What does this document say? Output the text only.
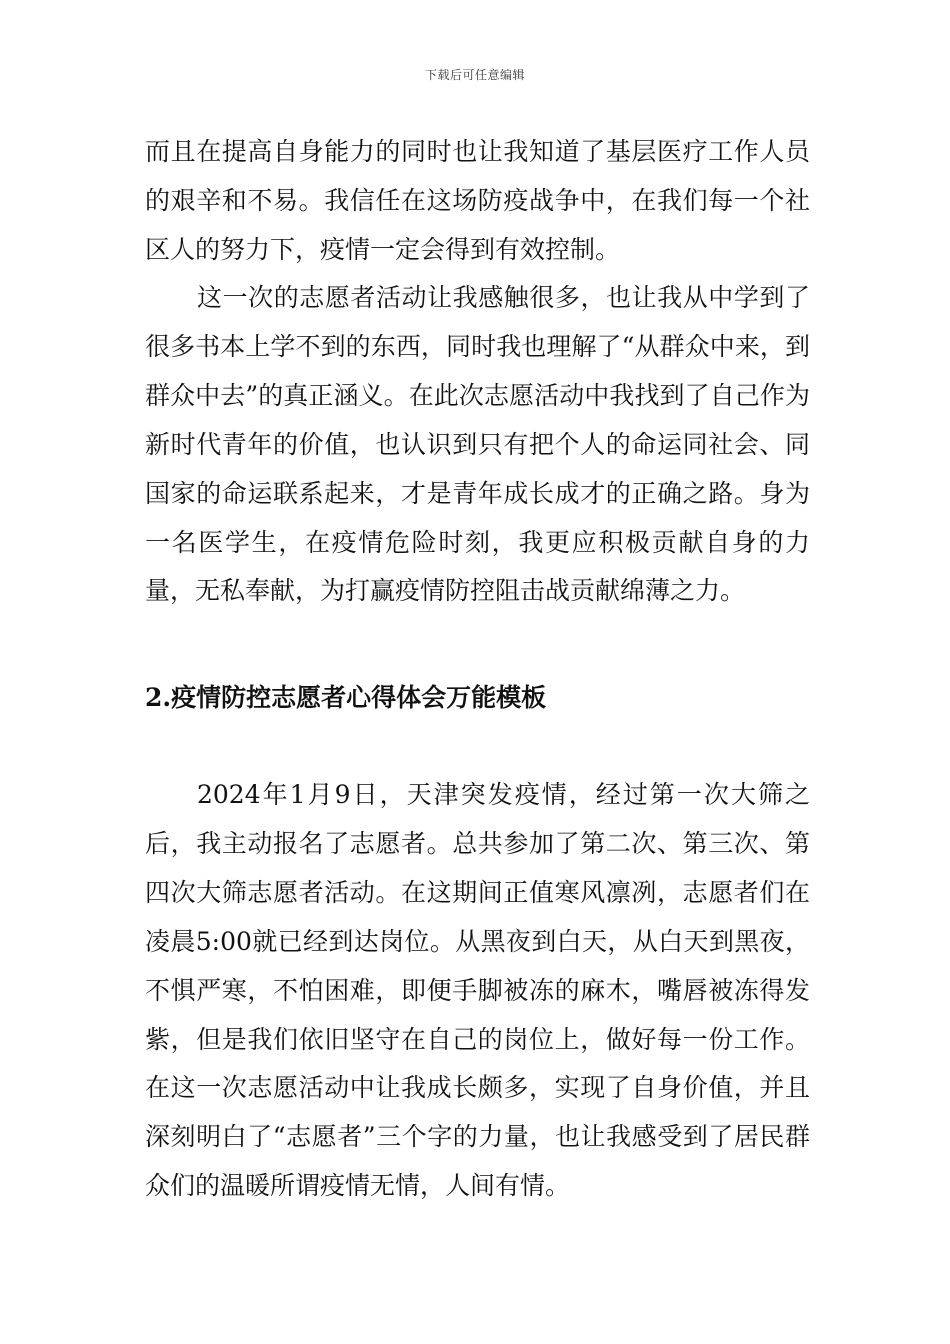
下载后可任意编辑

而且在提高自身能力的同时也让我知道了基层医疗工作人员的艰辛和不易。我信任在这场防疫战争中，在我们每一个社区人的努力下，疫情一定会得到有效控制。

这一次的志愿者活动让我感触很多，也让我从中学到了很多书本上学不到的东西，同时我也理解了“从群众中来，到群众中去”的真正涵义。在此次志愿活动中我找到了自己作为新时代青年的价值，也认识到只有把个人的命运同社会、同国家的命运联系起来，才是青年成长成才的正确之路。身为一名医学生，在疫情危险时刻，我更应积极贡献自身的力量，无私奉献，为打赢疫情防控阻击战贡献绵薄之力。

2.疫情防控志愿者心得体会万能模板

2024年1月9日，天津突发疫情，经过第一次大筛之后，我主动报名了志愿者。总共参加了第二次、第三次、第四次大筛志愿者活动。在这期间正值寒风凛冽，志愿者们在凌晨5:00就已经到达岗位。从黑夜到白天，从白天到黑夜，不惧严寒，不怕困难，即便手脚被冻的麻木，嘴唇被冻得发紫，但是我们依旧坚守在自己的岗位上，做好每一份工作。在这一次志愿活动中让我成长颇多，实现了自身价值，并且深刻明白了“志愿者”三个字的力量，也让我感受到了居民群众们的温暖所谓疫情无情，人间有情。
